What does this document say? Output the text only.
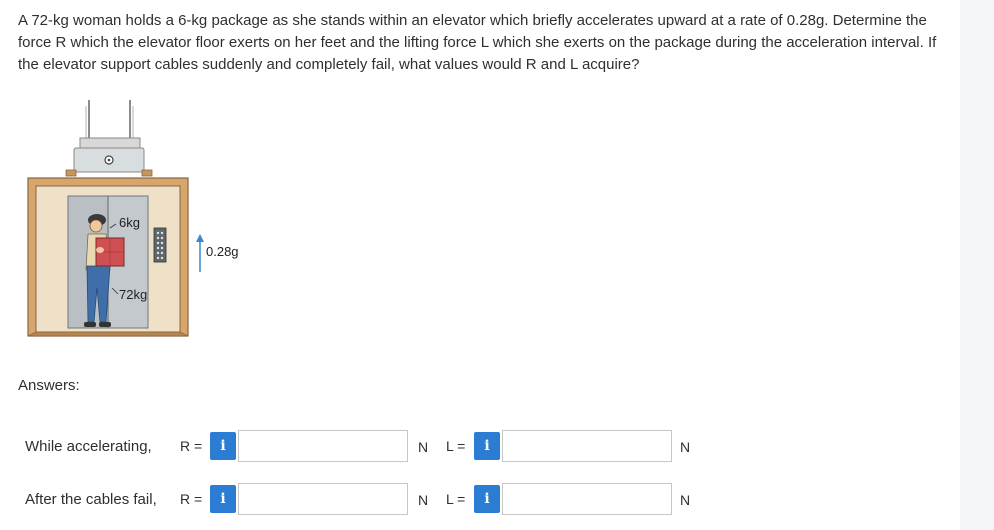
A 72-kg woman holds a 6-kg package as she stands within an elevator which briefly accelerates upward at a rate of 0.28g. Determine the force R which the elevator floor exerts on her feet and the lifting force L which she exerts on the package during the acceleration interval. If the elevator support cables suddenly and completely fail, what values would R and L acquire?
6kg
72kg
0.28g
Answers:
While accelerating, R =	i	N L =	i	N
After the cables fail, R =	i	N L =	i	N
